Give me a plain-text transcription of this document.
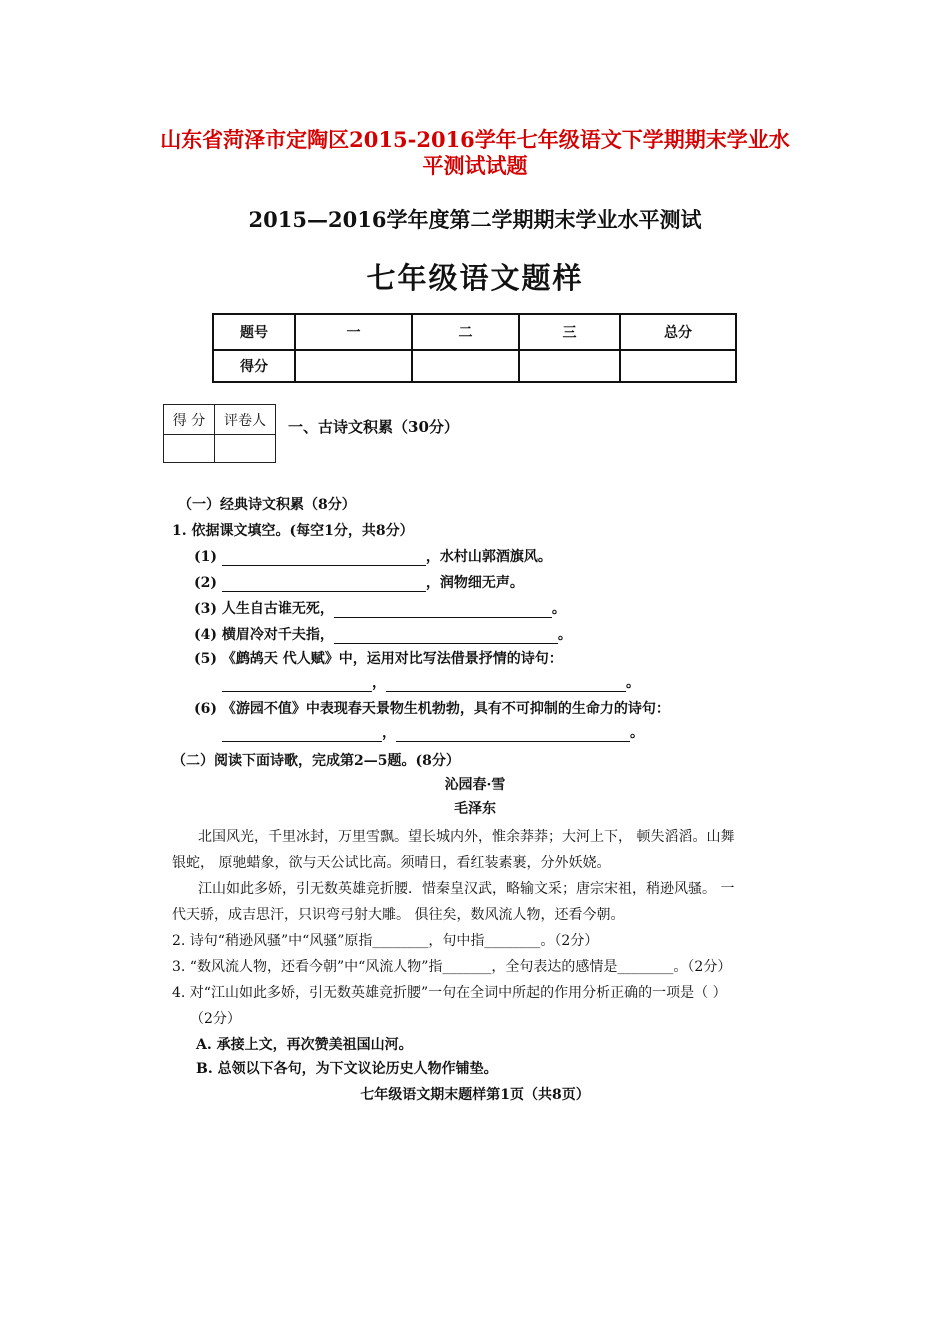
山东省菏泽市定陶区2015-2016学年七年级语文下学期期末学业水
平测试试题
2015—2016学年度第二学期期末学业水平测试
七年级语文题样
题号	一	二	三	总分
得分				
得 分	评卷人
	一、古诗文积累（30分）
（一）经典诗文积累（8分）
1. 依据课文填空。(每空1分，共8分）
(1)	，水村山郭酒旗风。
(2)	，润物细无声。
(3) 人生自古谁无死，	。
(4) 横眉冷对千夫指，	。
(5) 《鹧鸪天 代人赋》中，运用对比写法借景抒情的诗句：
，	。
(6) 《游园不值》中表现春天景物生机勃勃，具有不可抑制的生命力的诗句：
，	。
（二）阅读下面诗歌，完成第2—5题。(8分）
沁园春·雪
毛泽东
北国风光，千里冰封，万里雪飘。望长城内外，惟余莽莽；大河上下， 顿失滔滔。山舞
银蛇， 原驰蜡象，欲与天公试比高。须晴日，看红装素裹，分外妖娆。
江山如此多娇，引无数英雄竞折腰．惜秦皇汉武，略输文采；唐宗宋祖，稍逊风骚。 一
代天骄，成吉思汗，只识弯弓射大雕。 俱往矣，数风流人物，还看今朝。
2. 诗句“稍逊风骚”中“风骚”原指________，句中指________。（2分）
3. “数风流人物，还看今朝”中“风流人物”指_______，全句表达的感情是________。（2分）
4. 对“江山如此多娇，引无数英雄竞折腰”一句在全词中所起的作用分析正确的一项是（ ）
（2分）
A. 承接上文，再次赞美祖国山河。
B. 总领以下各句，为下文议论历史人物作铺垫。
七年级语文期末题样第1页（共8页）
